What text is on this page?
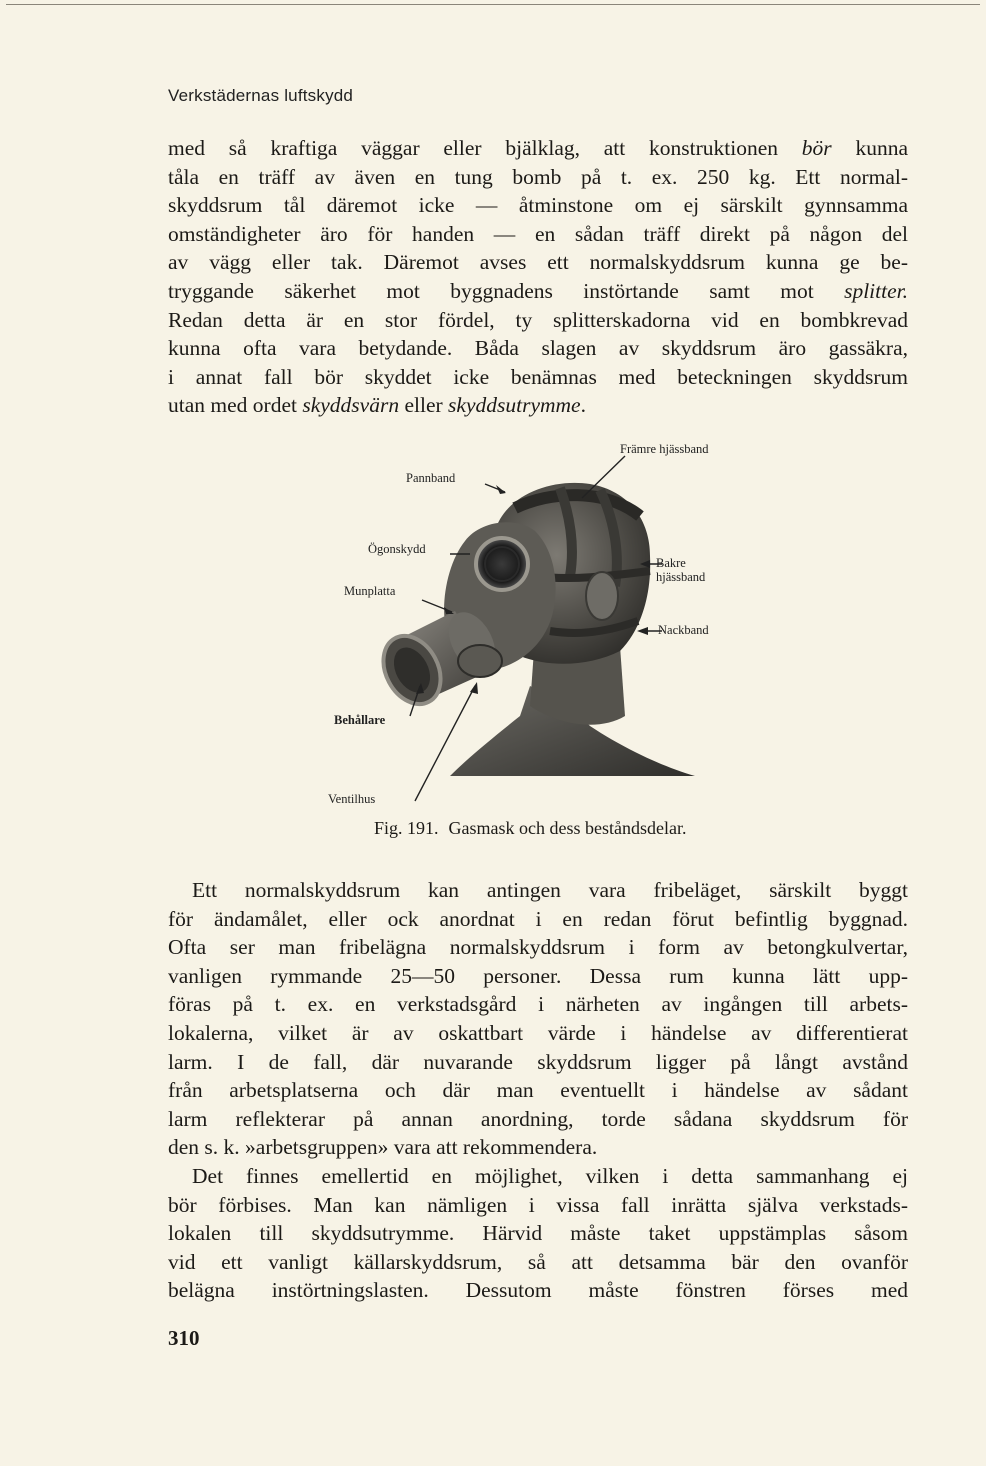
Verkstädernas luftskydd

med så kraftiga väggar eller bjälklag, att konstruktionen bör kunna
tåla en träff av även en tung bomb på t. ex. 250 kg. Ett normal-
skyddsrum tål däremot icke — åtminstone om ej särskilt gynnsamma
omständigheter äro för handen — en sådan träff direkt på någon del
av vägg eller tak. Däremot avses ett normalskyddsrum kunna ge be-
tryggande säkerhet mot byggnadens instörtande samt mot splitter.
Redan detta är en stor fördel, ty splitterskadorna vid en bombkrevad
kunna ofta vara betydande. Båda slagen av skyddsrum äro gassäkra,
i annat fall bör skyddet icke benämnas med beteckningen skyddsrum
utan med ordet skyddsvärn eller skyddsutrymme.

Främre hjässband
Pannband
Ögonskydd
Munplatta
Bakre
hjässband
Nackband
Behållare
Ventilhus
Fig. 191. Gasmask och dess beståndsdelar.

Ett normalskyddsrum kan antingen vara fribeläget, särskilt byggt
för ändamålet, eller ock anordnat i en redan förut befintlig byggnad.
Ofta ser man fribelägna normalskyddsrum i form av betongkulvertar,
vanligen rymmande 25—50 personer. Dessa rum kunna lätt upp-
föras på t. ex. en verkstadsgård i närheten av ingången till arbets-
lokalerna, vilket är av oskattbart värde i händelse av differentierat
larm. I de fall, där nuvarande skyddsrum ligger på långt avstånd
från arbetsplatserna och där man eventuellt i händelse av sådant
larm reflekterar på annan anordning, torde sådana skyddsrum för
den s. k. »arbetsgruppen» vara att rekommendera.

Det finnes emellertid en möjlighet, vilken i detta sammanhang ej
bör förbises. Man kan nämligen i vissa fall inrätta själva verkstads-
lokalen till skyddsutrymme. Härvid måste taket uppstämplas såsom
vid ett vanligt källarskyddsrum, så att detsamma bär den ovanför
belägna instörtningslasten. Dessutom måste fönstren förses med

310
